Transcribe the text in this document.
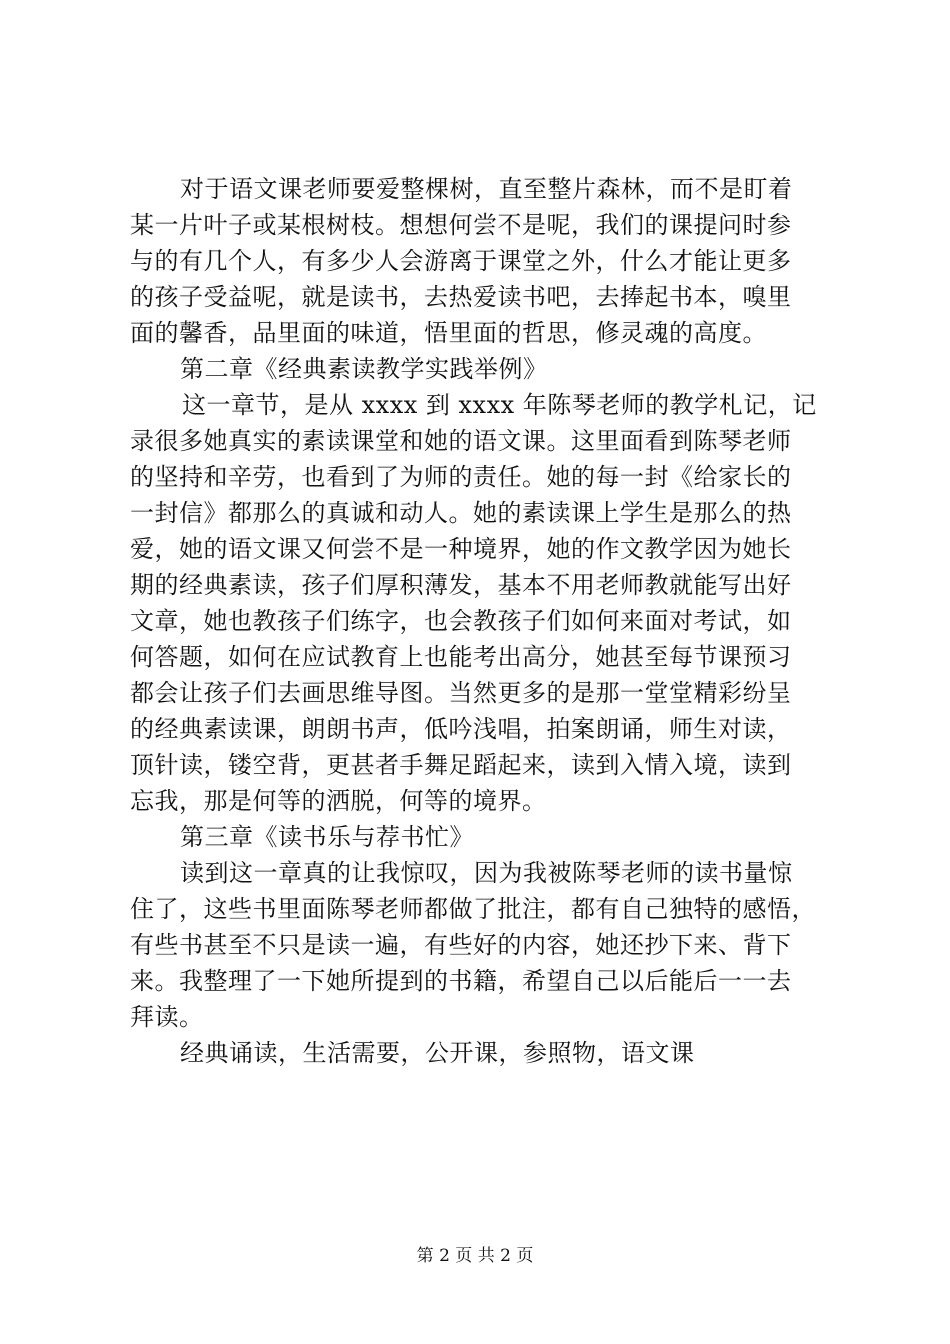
对于语文课老师要爱整棵树，直至整片森林，而不是盯着
某一片叶子或某根树枝。想想何尝不是呢，我们的课提问时参
与的有几个人，有多少人会游离于课堂之外，什么才能让更多
的孩子受益呢，就是读书，去热爱读书吧，去捧起书本，嗅里
面的馨香，品里面的味道，悟里面的哲思，修灵魂的高度。
第二章《经典素读教学实践举例》
这一章节，是从 xxxx 到 xxxx 年陈琴老师的教学札记，记
录很多她真实的素读课堂和她的语文课。这里面看到陈琴老师
的坚持和辛劳，也看到了为师的责任。她的每一封《给家长的
一封信》都那么的真诚和动人。她的素读课上学生是那么的热
爱，她的语文课又何尝不是一种境界，她的作文教学因为她长
期的经典素读，孩子们厚积薄发，基本不用老师教就能写出好
文章，她也教孩子们练字，也会教孩子们如何来面对考试，如
何答题，如何在应试教育上也能考出高分，她甚至每节课预习
都会让孩子们去画思维导图。当然更多的是那一堂堂精彩纷呈
的经典素读课，朗朗书声，低吟浅唱，拍案朗诵，师生对读，
顶针读，镂空背，更甚者手舞足蹈起来，读到入情入境，读到
忘我，那是何等的洒脱，何等的境界。
第三章《读书乐与荐书忙》
读到这一章真的让我惊叹，因为我被陈琴老师的读书量惊
住了，这些书里面陈琴老师都做了批注，都有自己独特的感悟，
有些书甚至不只是读一遍，有些好的内容，她还抄下来、背下
来。我整理了一下她所提到的书籍，希望自己以后能后一一去
拜读。
经典诵读，生活需要，公开课，参照物，语文课
第 2 页 共 2 页
